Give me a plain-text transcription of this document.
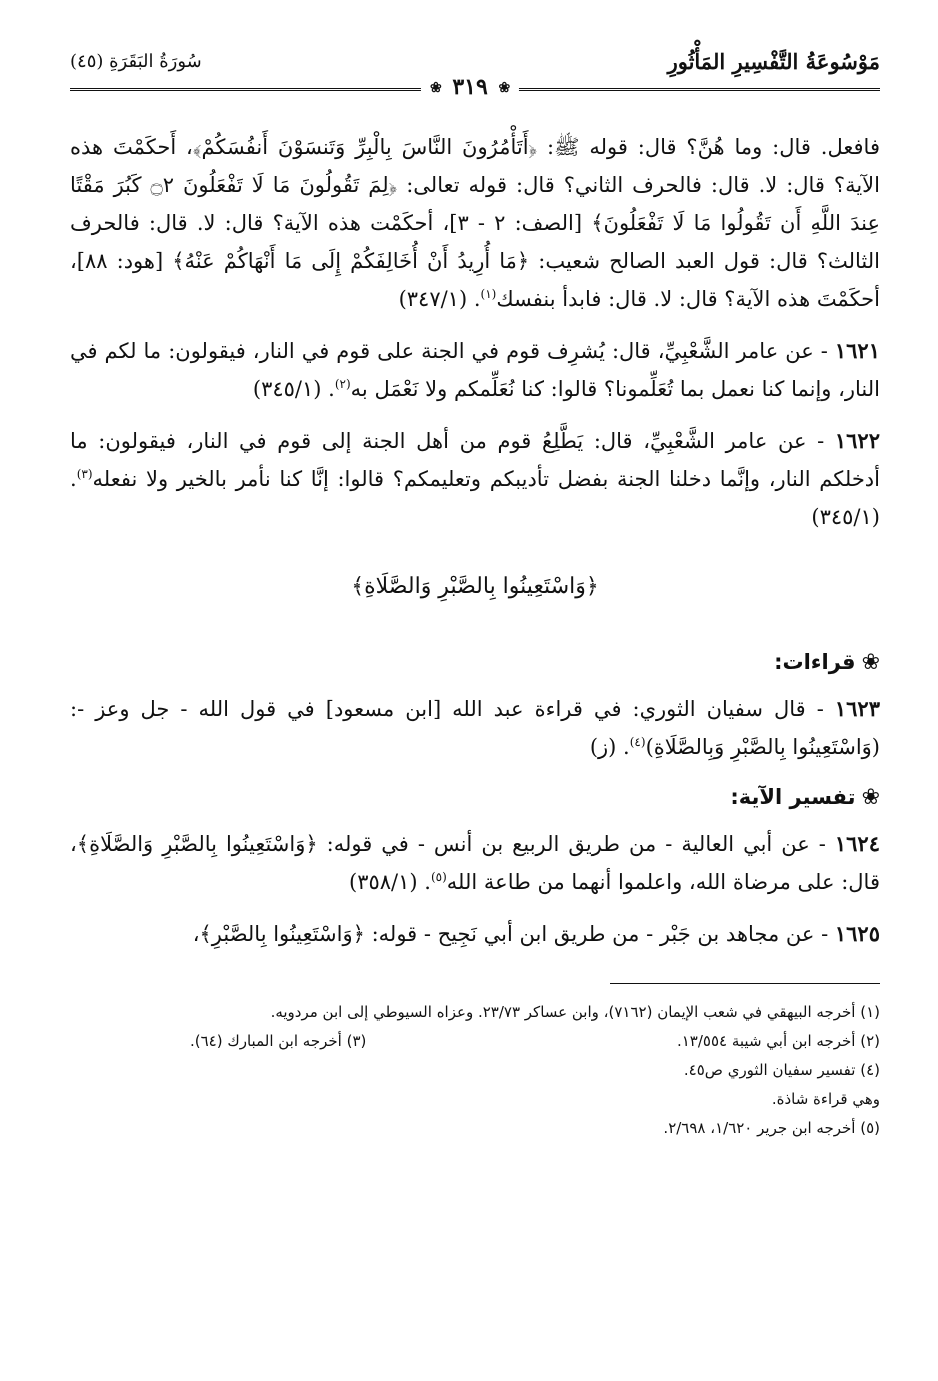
مَوْسُوعَةُ التَّفْسِيرِ المَأْثُورِ
سُورَةُ البَقَرَةِ (٤٥)
❀ ٣١٩ ❀

فافعل. قال: وما هُنَّ؟ قال: قوله ﷺ: ﴿أَتَأْمُرُونَ النَّاسَ بِالْبِرِّ وَتَنسَوْنَ أَنفُسَكُمْ﴾، أَحكَمْتَ هذه الآية؟ قال: لا. قال: فالحرف الثاني؟ قال: قوله تعالى: ﴿لِمَ تَقُولُونَ مَا لَا تَفْعَلُونَ ۝٢ كَبُرَ مَقْتًا عِندَ اللَّهِ أَن تَقُولُوا مَا لَا تَفْعَلُونَ﴾ [الصف: ٢ - ٣]، أحكَمْت هذه الآية؟ قال: لا. قال: فالحرف الثالث؟ قال: قول العبد الصالح شعيب: ﴿مَا أُرِيدُ أَنْ أُخَالِفَكُمْ إِلَى مَا أَنْهَاكُمْ عَنْهُ﴾ [هود: ٨٨]، أحكَمْتَ هذه الآية؟ قال: لا. قال: فابدأ بنفسك$^{(١)}$. (٣٤٧/١)

١٦٢١ - عن عامر الشَّعْبِيِّ، قال: يُشرِف قوم في الجنة على قوم في النار، فيقولون: ما لكم في النار، وإنما كنا نعمل بما تُعَلِّمونا؟ قالوا: كنا نُعَلِّمكم ولا نَعْمَل به$^{(٢)}$. (٣٤٥/١)

١٦٢٢ - عن عامر الشَّعْبِيِّ، قال: يَطَّلِعُ قوم من أهل الجنة إلى قوم في النار، فيقولون: ما أدخلكم النار، وإنَّما دخلنا الجنة بفضل تأديبكم وتعليمكم؟ قالوا: إنَّا كنا نأمر بالخير ولا نفعله$^{(٣)}$. (٣٤٥/١)

﴿وَاسْتَعِينُوا بِالصَّبْرِ وَالصَّلَاةِ﴾
❀قراءات:

١٦٢٣ - قال سفيان الثوري: في قراءة عبد الله [ابن مسعود] في قول الله - جل وعز -: (وَاسْتَعِينُوا بِالصَّبْرِ وَبِالصَّلَاةِ)$^{(٤)}$. (ز)

❀تفسير الآية:

١٦٢٤ - عن أبي العالية - من طريق الربيع بن أنس - في قوله: ﴿وَاسْتَعِينُوا بِالصَّبْرِ وَالصَّلَاةِ﴾، قال: على مرضاة الله، واعلموا أنهما من طاعة الله$^{(٥)}$. (٣٥٨/١)

١٦٢٥ - عن مجاهد بن جَبْر - من طريق ابن أبي نَجِيح - قوله: ﴿وَاسْتَعِينُوا بِالصَّبْرِ﴾،

(١) أخرجه البيهقي في شعب الإيمان (٧١٦٢)، وابن عساكر ٢٣/٧٣. وعزاه السيوطي إلى ابن مردويه.

(٢) أخرجه ابن أبي شيبة ١٣/٥٥٤.

(٣) أخرجه ابن المبارك (٦٤).

(٤) تفسير سفيان الثوري ص٤٥.

وهي قراءة شاذة.

(٥) أخرجه ابن جرير ١/٦٢٠، ٢/٦٩٨.
